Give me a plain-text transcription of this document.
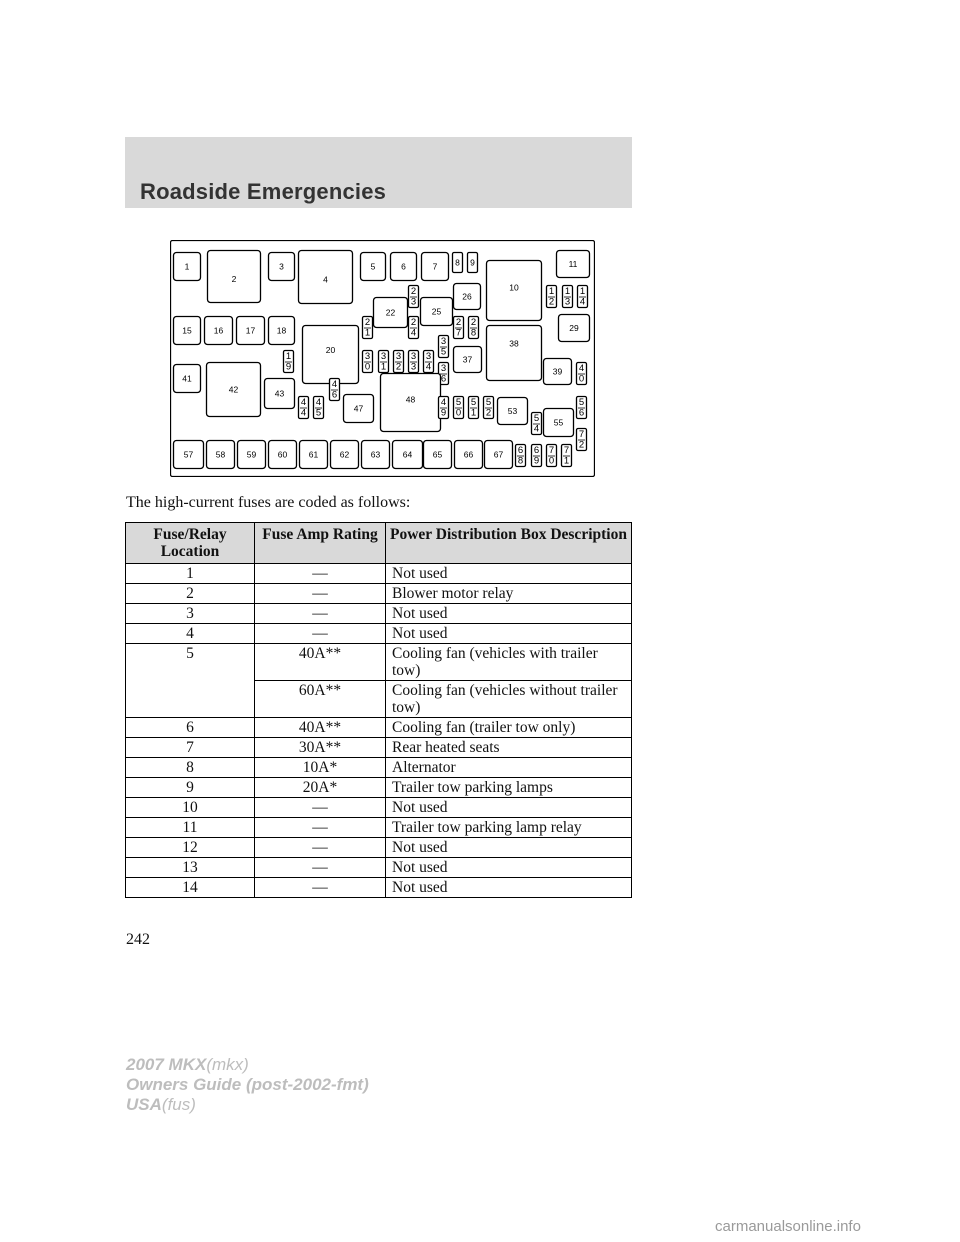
Roadside Emergencies
1
2
3
4
5	6	7 8 9
10
11
1
2
1
3
1
4
15	16	17	18
1
9
20
2
1
22
2
3
2
4
25
26
2
7
2
8	29
3
0
3
1
3
2
3
3
3
4
3
5
3
6
37
38
39 4
0
41
42	43
4
4
4
5
4
6
47
48	4
9
5
0
5
1
5
2 53
5
4
55
5
6
57	58	59	60	61	62	63	64 65	66 67 6
8
6
9
7
0
7
1
7
2
The high-current fuses are coded as follows:
Fuse/Relay Location	Fuse Amp Rating	Power Distribution Box Description
1	—	Not used
2	—	Blower motor relay
3	—	Not used
4	—	Not used
5	40A**	Cooling fan (vehicles with trailer tow)
	60A**	Cooling fan (vehicles without trailer tow)
6	40A**	Cooling fan (trailer tow only)
7	30A**	Rear heated seats
8	10A*	Alternator
9	20A*	Trailer tow parking lamps
10	—	Not used
11	—	Trailer tow parking lamp relay
12	—	Not used
13	—	Not used
14	—	Not used
242
2007 MKX(mkx)
Owners Guide (post-2002-fmt)
USA(fus)
carmanualsonline.info
